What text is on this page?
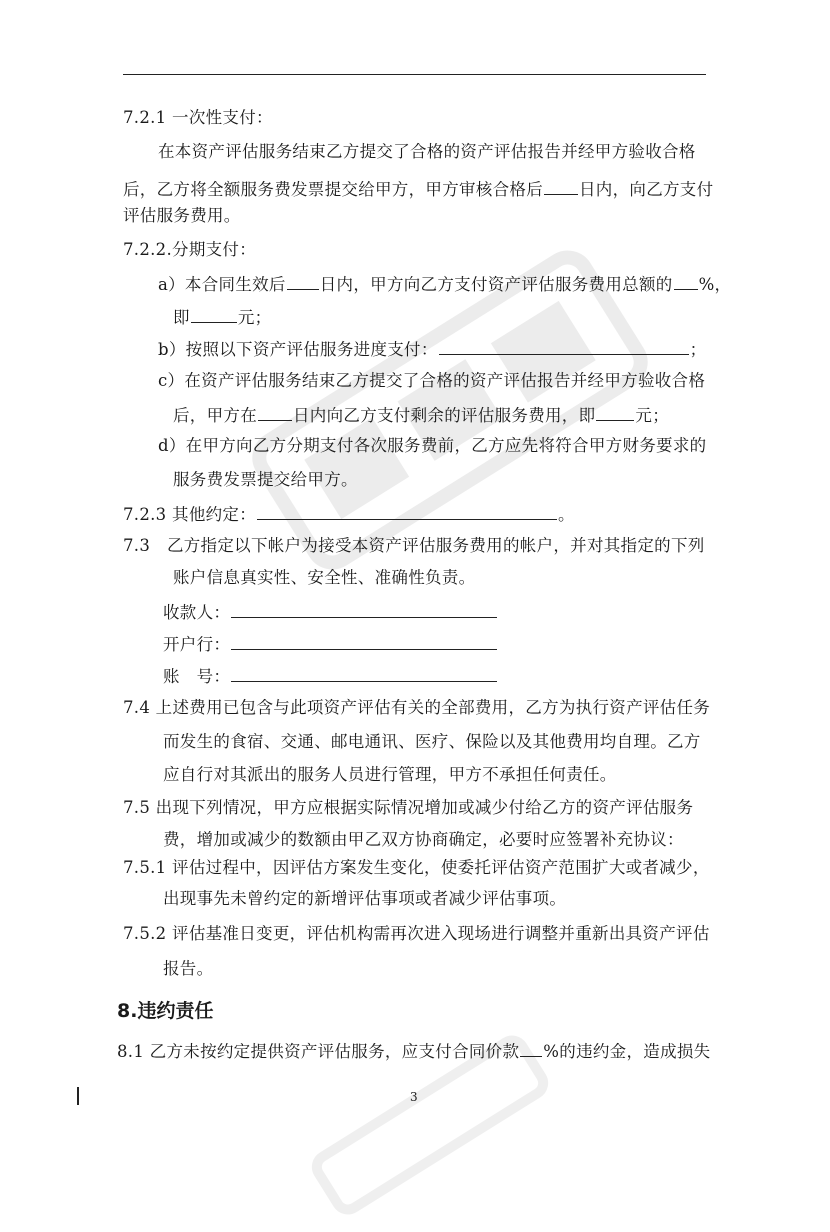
7.2.1 一次性支付：
在本资产评估服务结束乙方提交了合格的资产评估报告并经甲方验收合格
后，乙方将全额服务费发票提交给甲方，甲方审核合格后 日内，向乙方支付
评估服务费用。
7.2.2.分期支付：
a）本合同生效后 日内，甲方向乙方支付资产评估服务费用总额的 %，
即	元；
b）按照以下资产评估服务进度支付：	；
c）在资产评估服务结束乙方提交了合格的资产评估报告并经甲方验收合格
后，甲方在 日内向乙方支付剩余的评估服务费用，即 元；
d）在甲方向乙方分期支付各次服务费前，乙方应先将符合甲方财务要求的
服务费发票提交给甲方。
7.2.3 其他约定：	。
7.3　乙方指定以下帐户为接受本资产评估服务费用的帐户，并对其指定的下列
账户信息真实性、安全性、准确性负责。
收款人：
开户行：
账　号：
7.4 上述费用已包含与此项资产评估有关的全部费用，乙方为执行资产评估任务
而发生的食宿、交通、邮电通讯、医疗、保险以及其他费用均自理。乙方
应自行对其派出的服务人员进行管理，甲方不承担任何责任。
7.5 出现下列情况，甲方应根据实际情况增加或减少付给乙方的资产评估服务
费，增加或减少的数额由甲乙双方协商确定，必要时应签署补充协议：
7.5.1 评估过程中，因评估方案发生变化，使委托评估资产范围扩大或者减少，
出现事先未曾约定的新增评估事项或者减少评估事项。
7.5.2 评估基准日变更，评估机构需再次进入现场进行调整并重新出具资产评估
报告。
8.违约责任
8.1 乙方未按约定提供资产评估服务，应支付合同价款 %的违约金，造成损失
3
